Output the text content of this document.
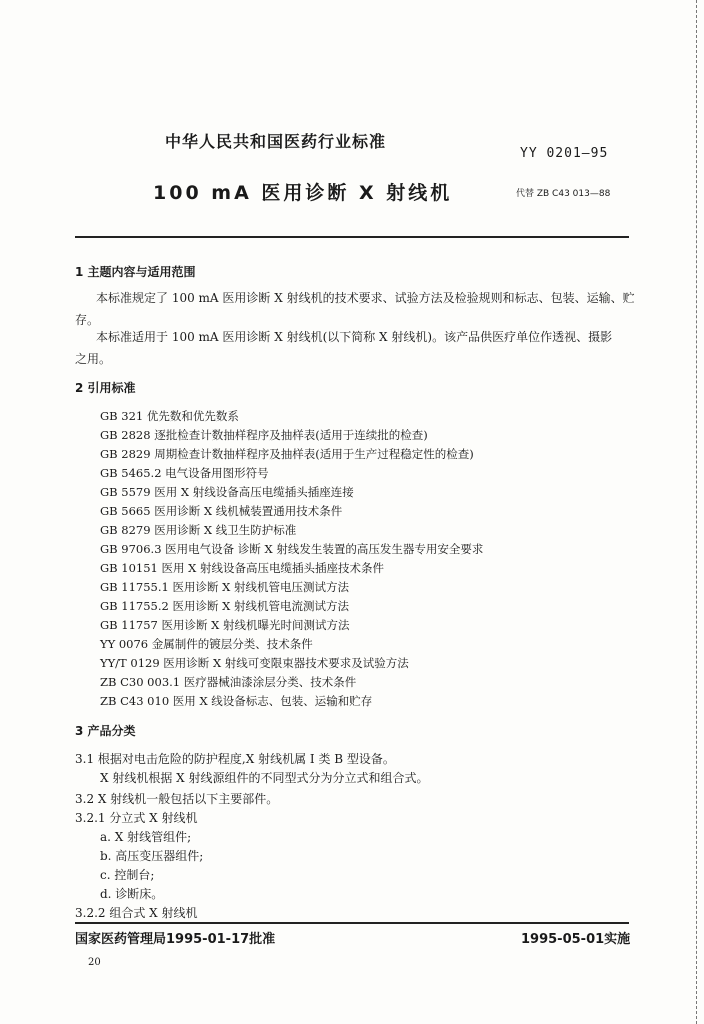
中华人民共和国医药行业标准
YY 0201—95
100 mA 医用诊断 X 射线机	代替 ZB C43 013—88
1 主题内容与适用范围
本标准规定了 100 mA 医用诊断 X 射线机的技术要求、试验方法及检验规则和标志、包装、运输、贮
存。
本标准适用于 100 mA 医用诊断 X 射线机(以下简称 X 射线机)。该产品供医疗单位作透视、摄影
之用。
2 引用标准
GB 321 优先数和优先数系
GB 2828 逐批检查计数抽样程序及抽样表(适用于连续批的检查)
GB 2829 周期检查计数抽样程序及抽样表(适用于生产过程稳定性的检查)
GB 5465.2 电气设备用图形符号
GB 5579 医用 X 射线设备高压电缆插头插座连接
GB 5665 医用诊断 X 线机械装置通用技术条件
GB 8279 医用诊断 X 线卫生防护标准
GB 9706.3 医用电气设备 诊断 X 射线发生装置的高压发生器专用安全要求
GB 10151 医用 X 射线设备高压电缆插头插座技术条件
GB 11755.1 医用诊断 X 射线机管电压测试方法
GB 11755.2 医用诊断 X 射线机管电流测试方法
GB 11757 医用诊断 X 射线机曝光时间测试方法
YY 0076 金属制件的镀层分类、技术条件
YY/T 0129 医用诊断 X 射线可变限束器技术要求及试验方法
ZB C30 003.1 医疗器械油漆涂层分类、技术条件
ZB C43 010 医用 X 线设备标志、包装、运输和贮存
3 产品分类
3.1 根据对电击危险的防护程度,X 射线机属 I 类 B 型设备。
X 射线机根据 X 射线源组件的不同型式分为分立式和组合式。
3.2 X 射线机一般包括以下主要部件。
3.2.1 分立式 X 射线机
a. X 射线管组件;
b. 高压变压器组件;
c. 控制台;
d. 诊断床。
3.2.2 组合式 X 射线机
国家医药管理局1995-01-17批准	1995-05-01实施
20
